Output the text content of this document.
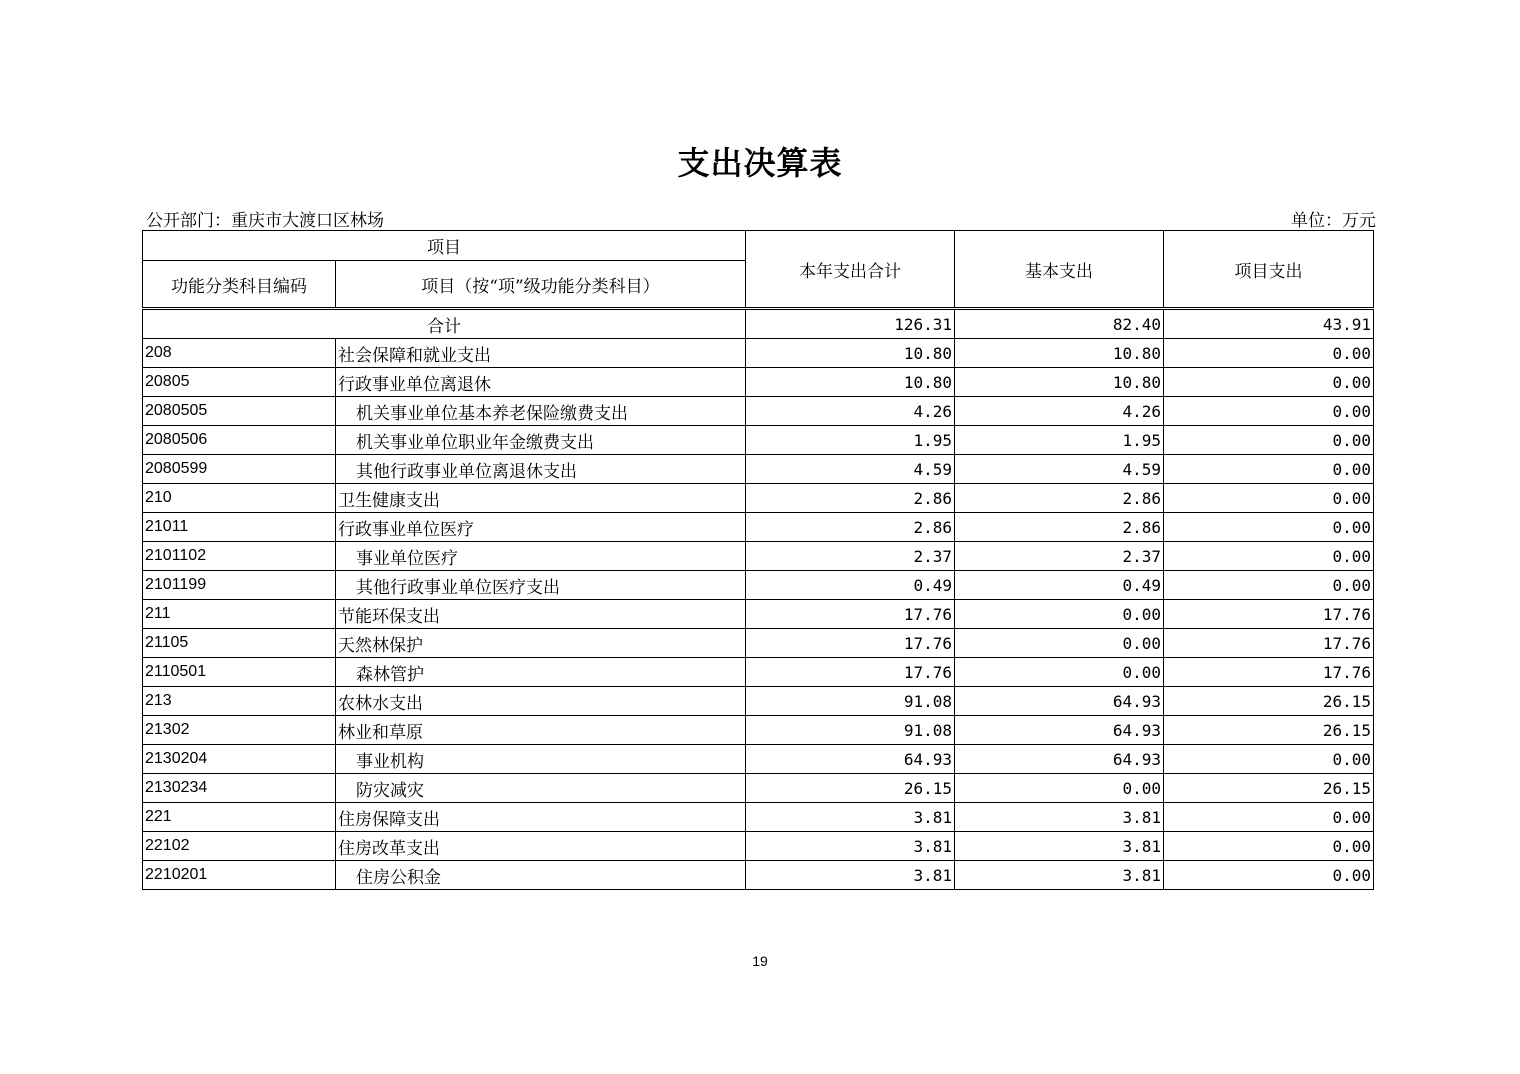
支出决算表
公开部门：重庆市大渡口区林场	单位：万元
项目		本年支出合计	基本支出	项目支出
功能分类科目编码	项目（按“项”级功能分类科目）			

合计		126.31	82.40	43.91
208	社会保障和就业支出	10.80	10.80	0.00
20805	行政事业单位离退休	10.80	10.80	0.00
2080505	机关事业单位基本养老保险缴费支出	4.26	4.26	0.00
2080506	机关事业单位职业年金缴费支出	1.95	1.95	0.00
2080599	其他行政事业单位离退休支出	4.59	4.59	0.00
210	卫生健康支出	2.86	2.86	0.00
21011	行政事业单位医疗	2.86	2.86	0.00
2101102	事业单位医疗	2.37	2.37	0.00
2101199	其他行政事业单位医疗支出	0.49	0.49	0.00
211	节能环保支出	17.76	0.00	17.76
21105	天然林保护	17.76	0.00	17.76
2110501	森林管护	17.76	0.00	17.76
213	农林水支出	91.08	64.93	26.15
21302	林业和草原	91.08	64.93	26.15
2130204	事业机构	64.93	64.93	0.00
2130234	防灾减灾	26.15	0.00	26.15
221	住房保障支出	3.81	3.81	0.00
22102	住房改革支出	3.81	3.81	0.00
2210201	住房公积金	3.81	3.81	0.00
19
